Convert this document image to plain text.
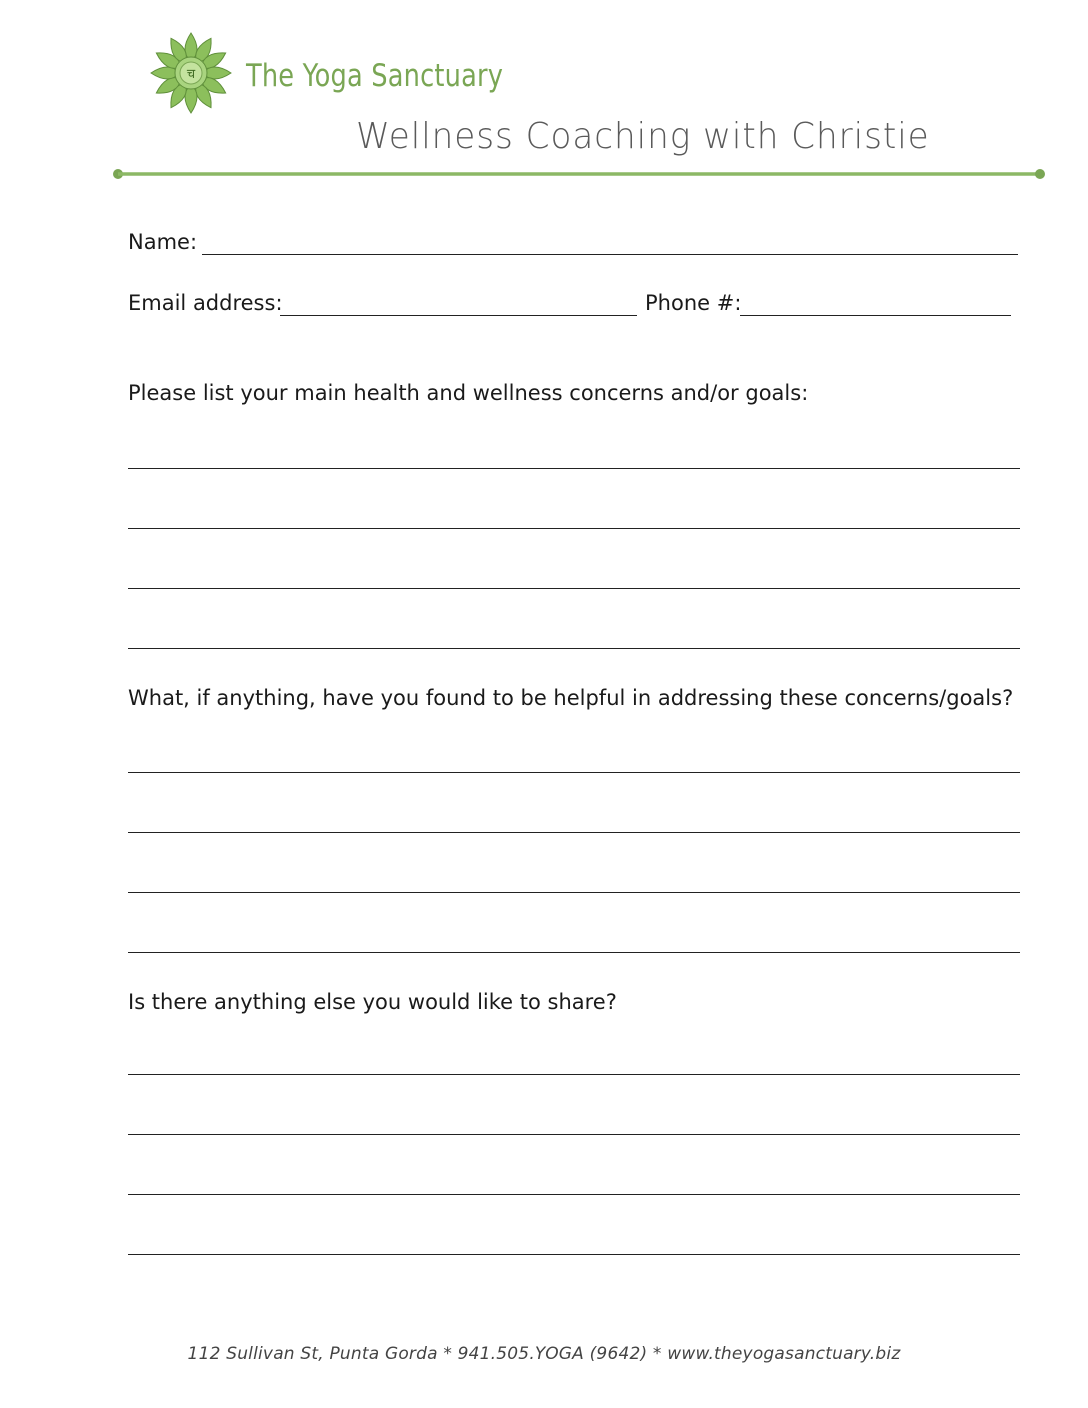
च The Yoga Sanctuary
Wellness Coaching with Christie
Name:
Email address:	Phone #:
Please list your main health and wellness concerns and/or goals:
What, if anything, have you found to be helpful in addressing these concerns/goals?
Is there anything else you would like to share?
112 Sullivan St, Punta Gorda * 941.505.YOGA (9642) * www.theyogasanctuary.biz
